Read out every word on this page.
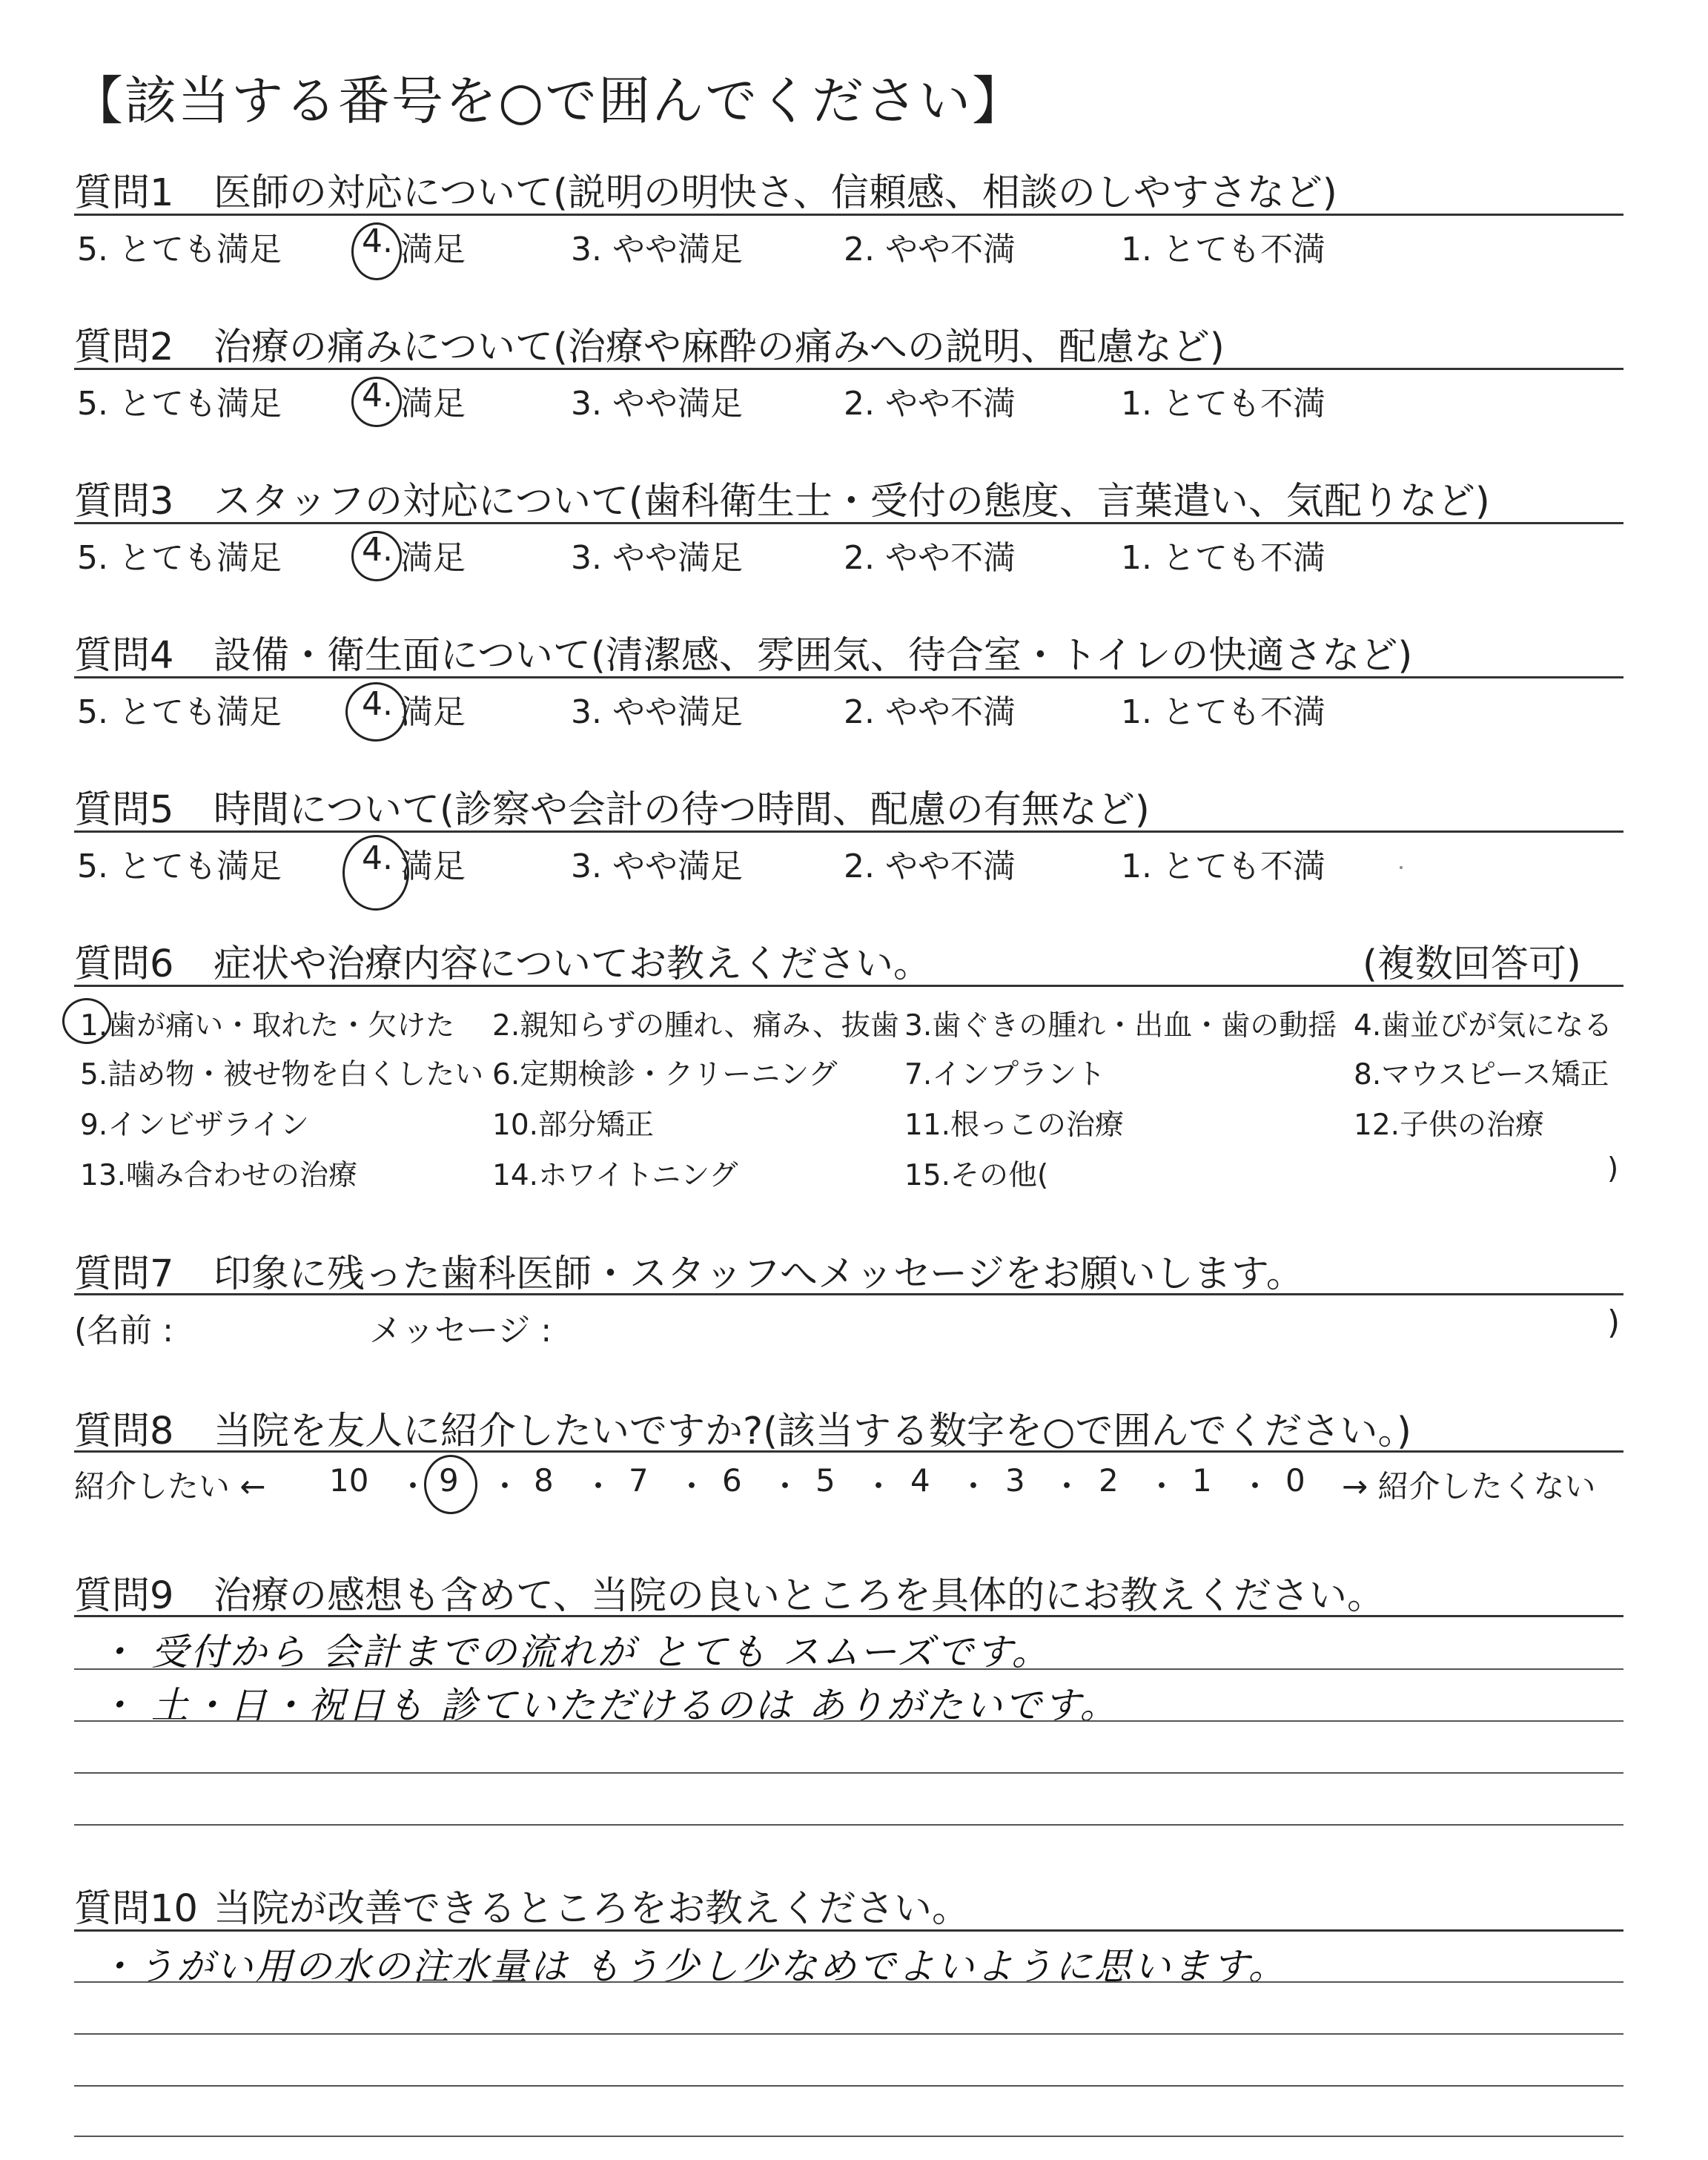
【該当する番号を○で囲んでください】
質問1 医師の対応について(説明の明快さ、信頼感、相談のしやすさなど)
5. とても満足 4. 満足	3. やや満足	2. やや不満	1. とても不満
質問2 治療の痛みについて(治療や麻酔の痛みへの説明、配慮など)
5. とても満足 4. 満足	3. やや満足	2. やや不満	1. とても不満
質問3 スタッフの対応について(歯科衛生士・受付の態度、言葉遣い、気配りなど)
5. とても満足 4. 満足	3. やや満足	2. やや不満	1. とても不満
質問4 設備・衛生面について(清潔感、雰囲気、待合室・トイレの快適さなど)
5. とても満足 4. 満足	3. やや満足	2. やや不満	1. とても不満
質問5 時間について(診察や会計の待つ時間、配慮の有無など)
5. とても満足 4. 満足	3. やや満足	2. やや不満	1. とても不満
質問6 症状や治療内容についてお教えください。	(複数回答可)
1.歯が痛い・取れた・欠けた 2.親知らずの腫れ、痛み、抜歯 3.歯ぐきの腫れ・出血・歯の動揺 4.歯並びが気になる
5.詰め物・被せ物を白くしたい 6.定期検診・クリーニング 7.インプラント	8.マウスピース矯正
9.インビザライン	10.部分矯正	11.根っこの治療	12.子供の治療
13.噛み合わせの治療	14.ホワイトニング	15.その他(	)
質問7 印象に残った歯科医師・スタッフへメッセージをお願いします。
(名前 :	メッセージ :	)
質問8 当院を友人に紹介したいですか?(該当する数字を○で囲んでください。)
紹介したい ← 10 9 8 7 6 5 4 3 2 1 0 → 紹介したくない
・ ・ ・ ・ ・ ・ ・ ・ ・ ・
質問9 治療の感想も含めて、当院の良いところを具体的にお教えください。
・ 受付から 会計までの流れが とても スムーズです。
・ 土・日・祝日も 診ていただけるのは ありがたいです。
質問10 当院が改善できるところをお教えください。
・うがい用の水の注水量は もう少し少なめでよいように思います。
